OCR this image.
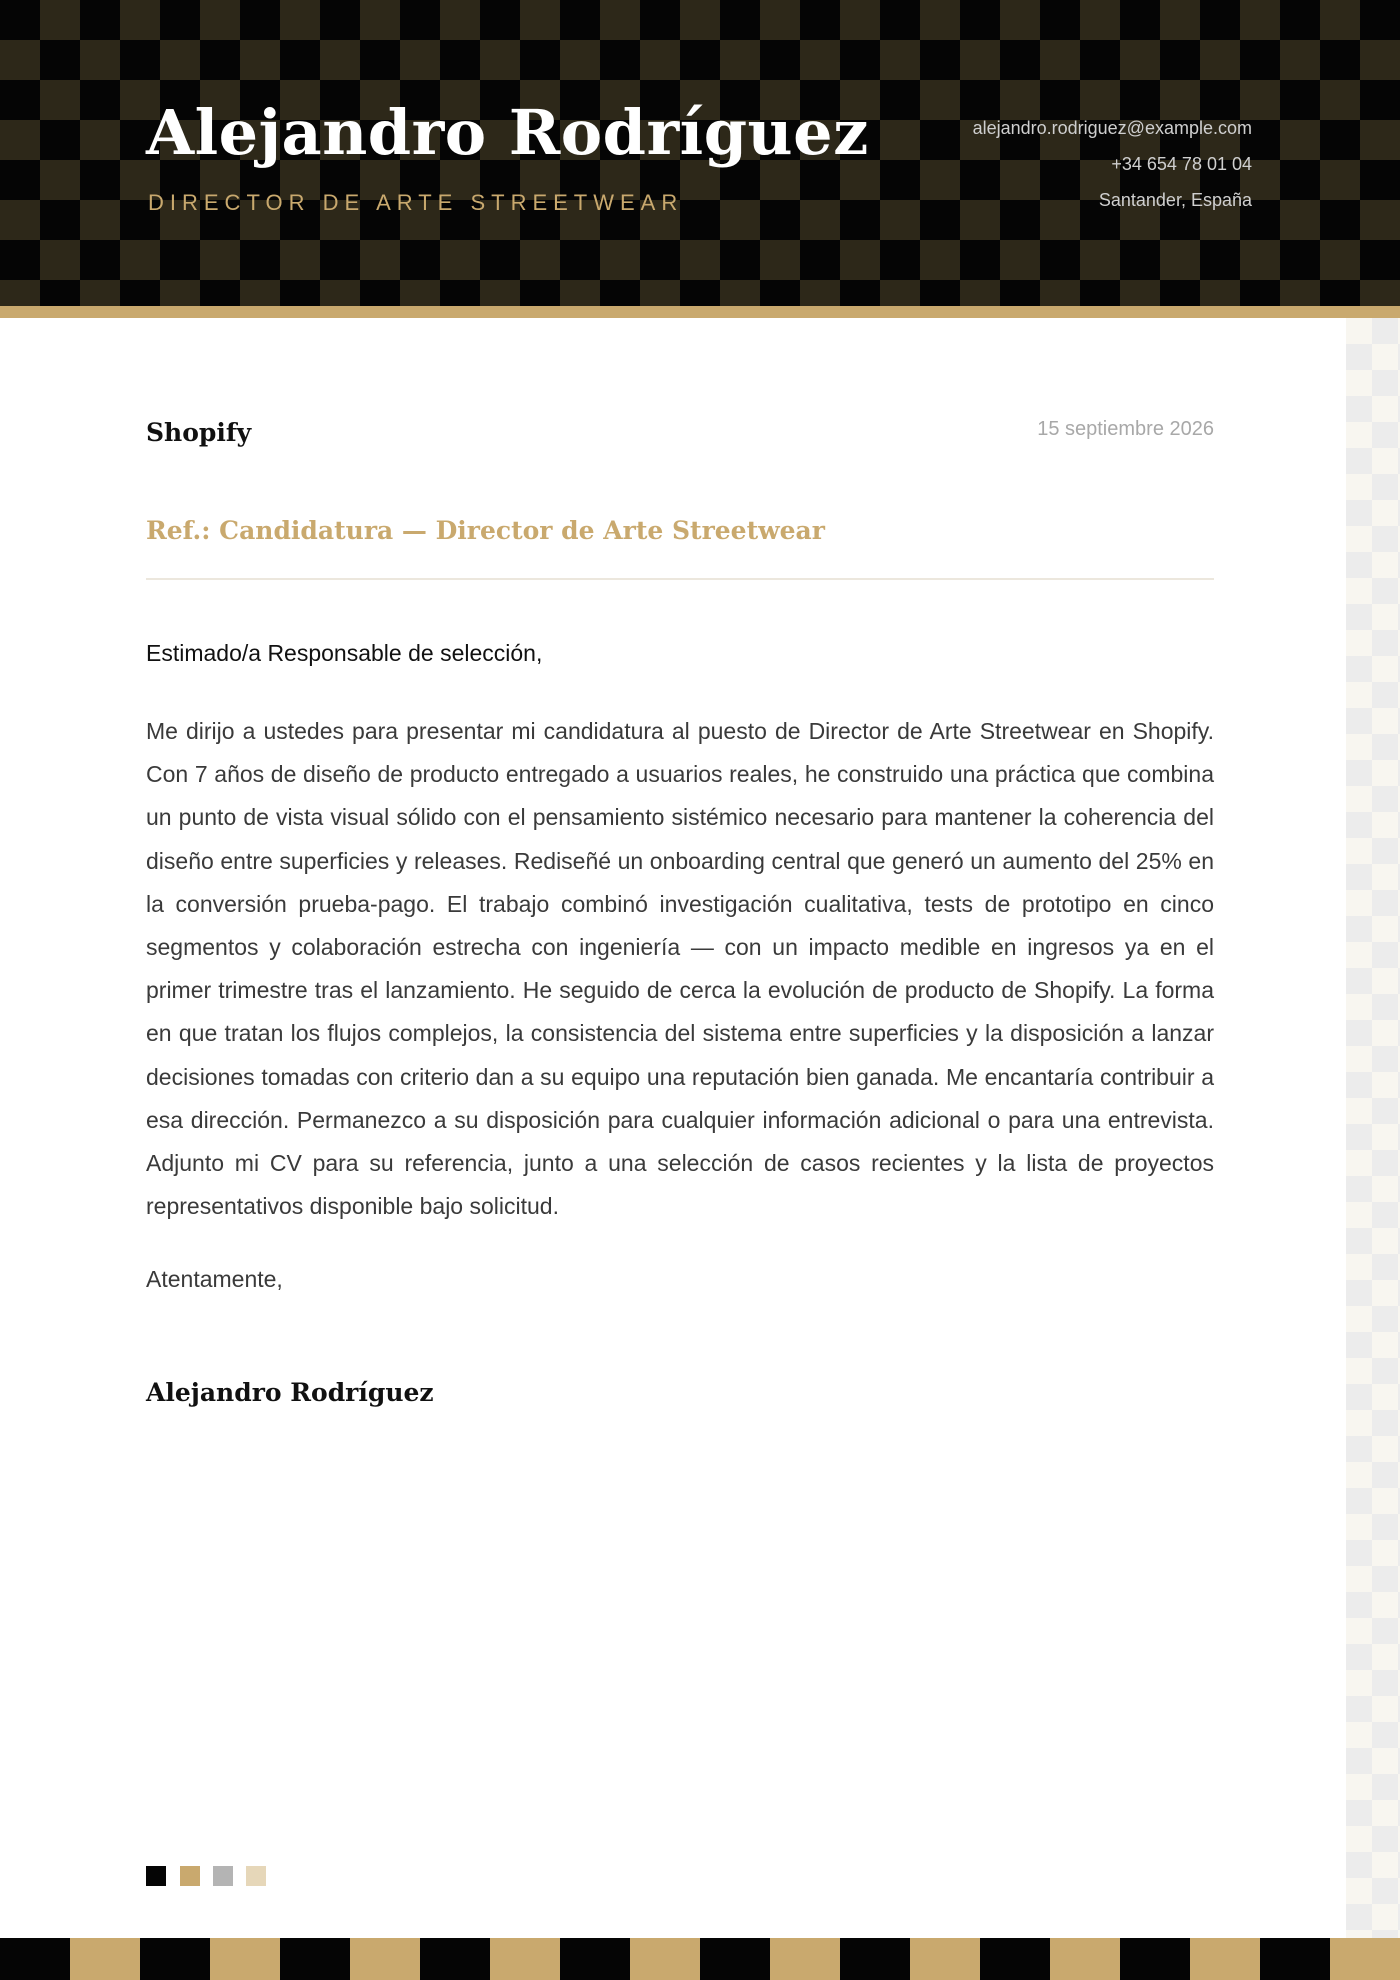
Alejandro Rodríguez
DIRECTOR DE ARTE STREETWEAR
alejandro.rodriguez@example.com
+34 654 78 01 04
Santander, España
Shopify	15 septiembre 2026
Ref.: Candidatura — Director de Arte Streetwear
Estimado/a Responsable de selección,
Me dirijo a ustedes para presentar mi candidatura al puesto de Director de Arte Streetwear en Shopify. Con 7 años de diseño de producto entregado a usuarios reales, he construido una práctica que combina un punto de vista visual sólido con el pensamiento sistémico necesario para mantener la coherencia del diseño entre superficies y releases. Rediseñé un onboarding central que generó un aumento del 25% en la conversión prueba-pago. El trabajo combinó investigación cualitativa, tests de prototipo en cinco segmentos y colaboración estrecha con ingeniería — con un impacto medible en ingresos ya en el primer trimestre tras el lanzamiento. He seguido de cerca la evolución de producto de Shopify. La forma en que tratan los flujos complejos, la consistencia del sistema entre superficies y la disposición a lanzar decisiones tomadas con criterio dan a su equipo una reputación bien ganada. Me encantaría contribuir a esa dirección. Permanezco a su disposición para cualquier información adicional o para una entrevista. Adjunto mi CV para su referencia, junto a una selección de casos recientes y la lista de proyectos representativos disponible bajo solicitud.
Atentamente,
Alejandro Rodríguez
